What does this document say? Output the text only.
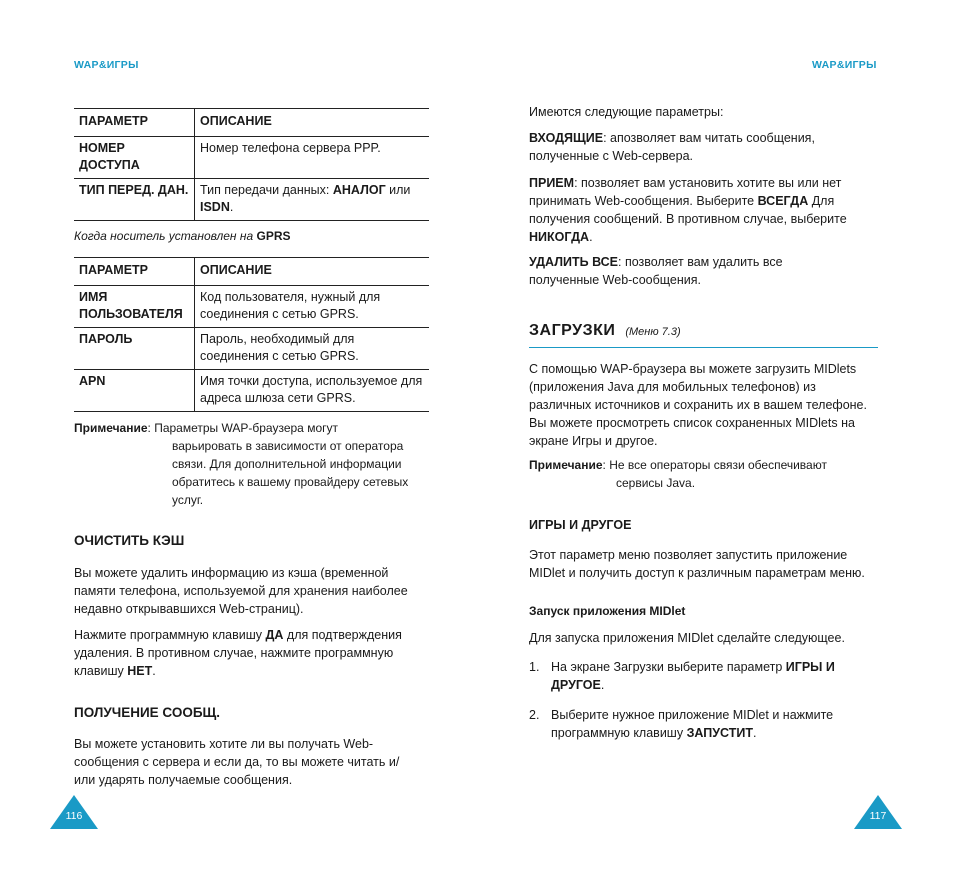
WAP&ИГРЫ
ПАРАМЕТР	ОПИСАНИЕ
НОМЕР ДОСТУПА	Номер телефона сервера PPP.
ТИП ПЕРЕД. ДАН.	Тип передачи данных: АНАЛОГ или ISDN.
Когда носитель установлен на GPRS
ПАРАМЕТР	ОПИСАНИЕ
ИМЯ ПОЛЬЗОВАТЕЛЯ	Код пользователя, нужный для соединения с сетью GPRS.
ПАРОЛЬ	Пароль, необходимый для соединения с сетью GPRS.
APN	Имя точки доступа, используемое для адреса шлюза сети GPRS.
Примечание: Параметры WAP-браузера могут
варьировать в зависимости от оператора связи. Для дополнительной информации обратитесь к вашему провайдеру сетевых услуг.
ОЧИСТИТЬ КЭШ

Вы можете удалить информацию из кэша (временной памяти телефона, используемой для хранения наиболее недавно открывавшихся Web-страниц).

Нажмите программную клавишу ДА для подтверждения удаления. В противном случае, нажмите программную клавишу НЕТ.

ПОЛУЧЕНИЕ СООБЩ.

Вы можете установить хотите ли вы получать Web-сообщения с сервера и если да, то вы можете читать и/или ударять получаемые сообщения.

116
WAP&ИГРЫ

Имеются следующие параметры:

ВХОДЯЩИЕ: апозволяет вам читать сообщения, полученные с Web-сервера.

ПРИЕМ: позволяет вам установить хотите вы или нет принимать Web-сообщения. Выберите ВСЕГДА Для получения сообщений. В противном случае, выберите НИКОГДА.

УДАЛИТЬ ВСЕ: позволяет вам удалить все полученные Web-сообщения.

ЗАГРУЗКИ (Меню 7.3)

С помощью WAP-браузера вы можете загрузить MIDlets (приложения Java для мобильных телефонов) из различных источников и сохранить их в вашем телефоне. Вы можете просмотреть список сохраненных MIDlets на экране Игры и другое.

Примечание: Не все операторы связи обеспечивают
сервисы Java.
ИГРЫ И ДРУГОЕ

Этот параметр меню позволяет запустить приложение MIDlet и получить доступ к различным параметрам меню.

Запуск приложения MIDlet

Для запуска приложения MIDlet сделайте следующее.

1. На экране Загрузки выберите параметр ИГРЫ И ДРУГОЕ.
2. Выберите нужное приложение MIDlet и нажмите программную клавишу ЗАПУСТИТ.
117
